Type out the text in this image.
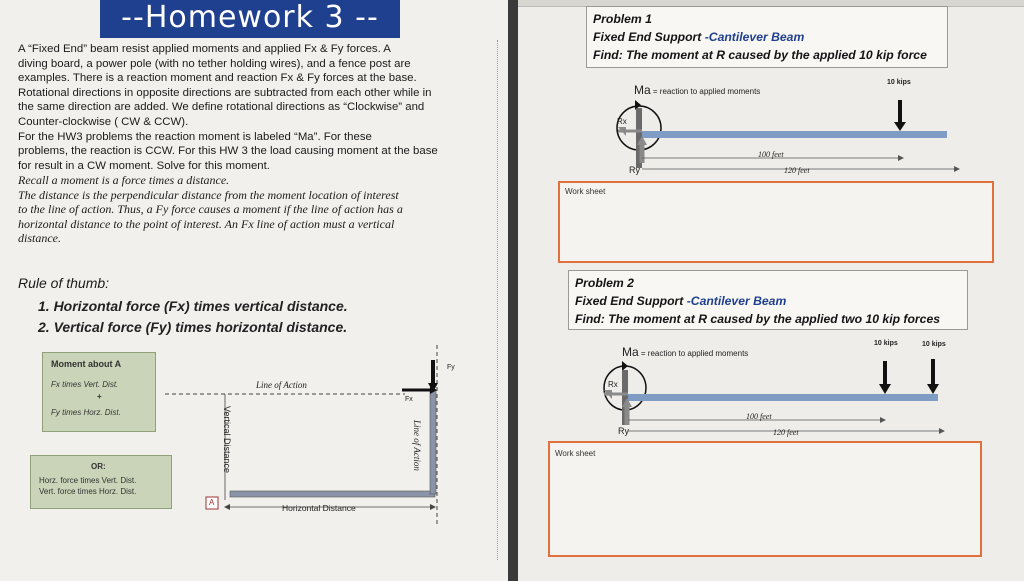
--Homework 3 --

A “Fixed End” beam resist applied moments and applied Fx & Fy forces. A

diving board, a power pole (with no tether holding wires), and a fence post are

examples. There is a reaction moment and reaction Fx & Fy forces at the base.

Rotational directions in opposite directions are subtracted from each other while in

the same direction are added. We define rotational directions as “Clockwise” and

Counter-clockwise ( CW & CCW).

For the HW3 problems the reaction moment is labeled “Ma”. For these

problems, the reaction is CCW. For this HW 3 the load causing moment at the base

for result in a CW moment. Solve for this moment.

Recall a moment is a force times a distance.

The distance is the perpendicular distance from the moment location of interest

to the line of action. Thus, a Fy force causes a moment if the line of action has a

horizontal distance to the point of interest. An Fx line of action must a vertical

distance.

Rule of thumb:
1. Horizontal force (Fx) times vertical distance.
2. Vertical force (Fy) times horizontal distance.
Moment about A
Fx times Vert. Dist.
+
Fy times Horz. Dist.
OR:
Horz. force times Vert. Dist.
Vert. force times Horz. Dist.
Line of Action
Line of Action
Vertical Distance
Horizontal Distance
A
Fy
Fx
Problem 1
Fixed End Support -Cantilever Beam
Find: The moment at R caused by the applied 10 kip force
Ma = reaction to applied moments
10 kips
Rx
Ry
100 feet
120 feet
Work sheet
Problem 2
Fixed End Support -Cantilever Beam
Find: The moment at R caused by the applied two 10 kip forces
Ma = reaction to applied moments
10 kips	10 kips
Rx
Ry
100 feet
120 feet
Work sheet
